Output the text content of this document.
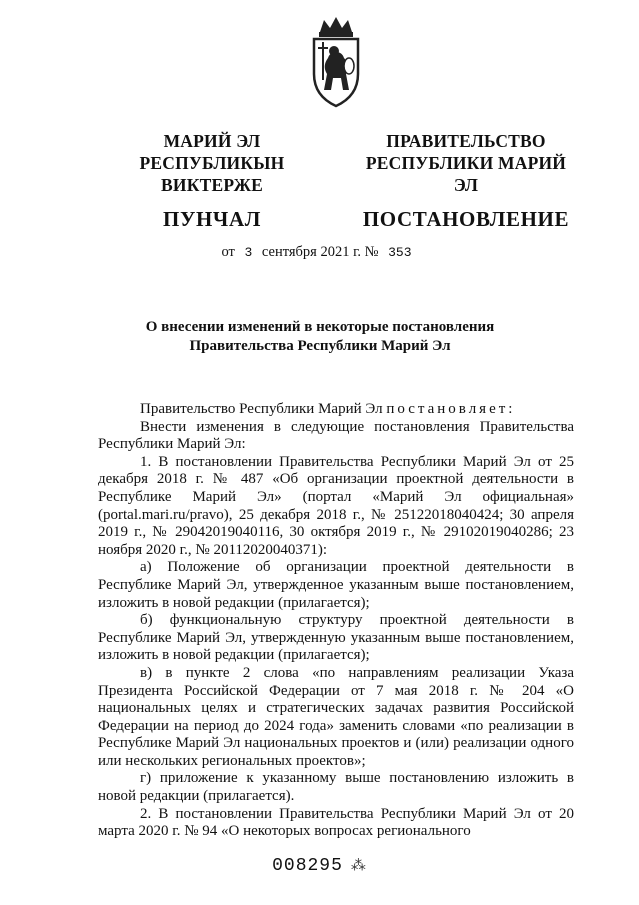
МАРИЙ ЭЛ РЕСПУБЛИКЫН
ВИКТЕРЖЕ
ПУНЧАЛ
ПРАВИТЕЛЬСТВО
РЕСПУБЛИКИ МАРИЙ ЭЛ
ПОСТАНОВЛЕНИЕ
от 3 сентября 2021 г. № 353
О внесении изменений в некоторые постановления
Правительства Республики Марий Эл

Правительство Республики Марий Эл постановляет:

Внести изменения в следующие постановления Правительства Республики Марий Эл:

1. В постановлении Правительства Республики Марий Эл от 25 декабря 2018 г. № 487 «Об организации проектной деятельности в Республике Марий Эл» (портал «Марий Эл официальная» (portal.mari.ru/pravo), 25 декабря 2018 г., № 25122018040424; 30 апреля 2019 г., № 29042019040116, 30 октября 2019 г., № 29102019040286; 23 ноября 2020 г., № 20112020040371):

а) Положение об организации проектной деятельности в Республике Марий Эл, утвержденное указанным выше постановлением, изложить в новой редакции (прилагается);

б) функциональную структуру проектной деятельности в Республике Марий Эл, утвержденную указанным выше постановлением, изложить в новой редакции (прилагается);

в) в пункте 2 слова «по направлениям реализации Указа Президента Российской Федерации от 7 мая 2018 г. № 204 «О национальных целях и стратегических задачах развития Российской Федерации на период до 2024 года» заменить словами «по реализации в Республике Марий Эл национальных проектов и (или) реализации одного или нескольких региональных проектов»;

г) приложение к указанному выше постановлению изложить в новой редакции (прилагается).

2. В постановлении Правительства Республики Марий Эл от 20 марта 2020 г. № 94 «О некоторых вопросах регионального

008295 ⁂
